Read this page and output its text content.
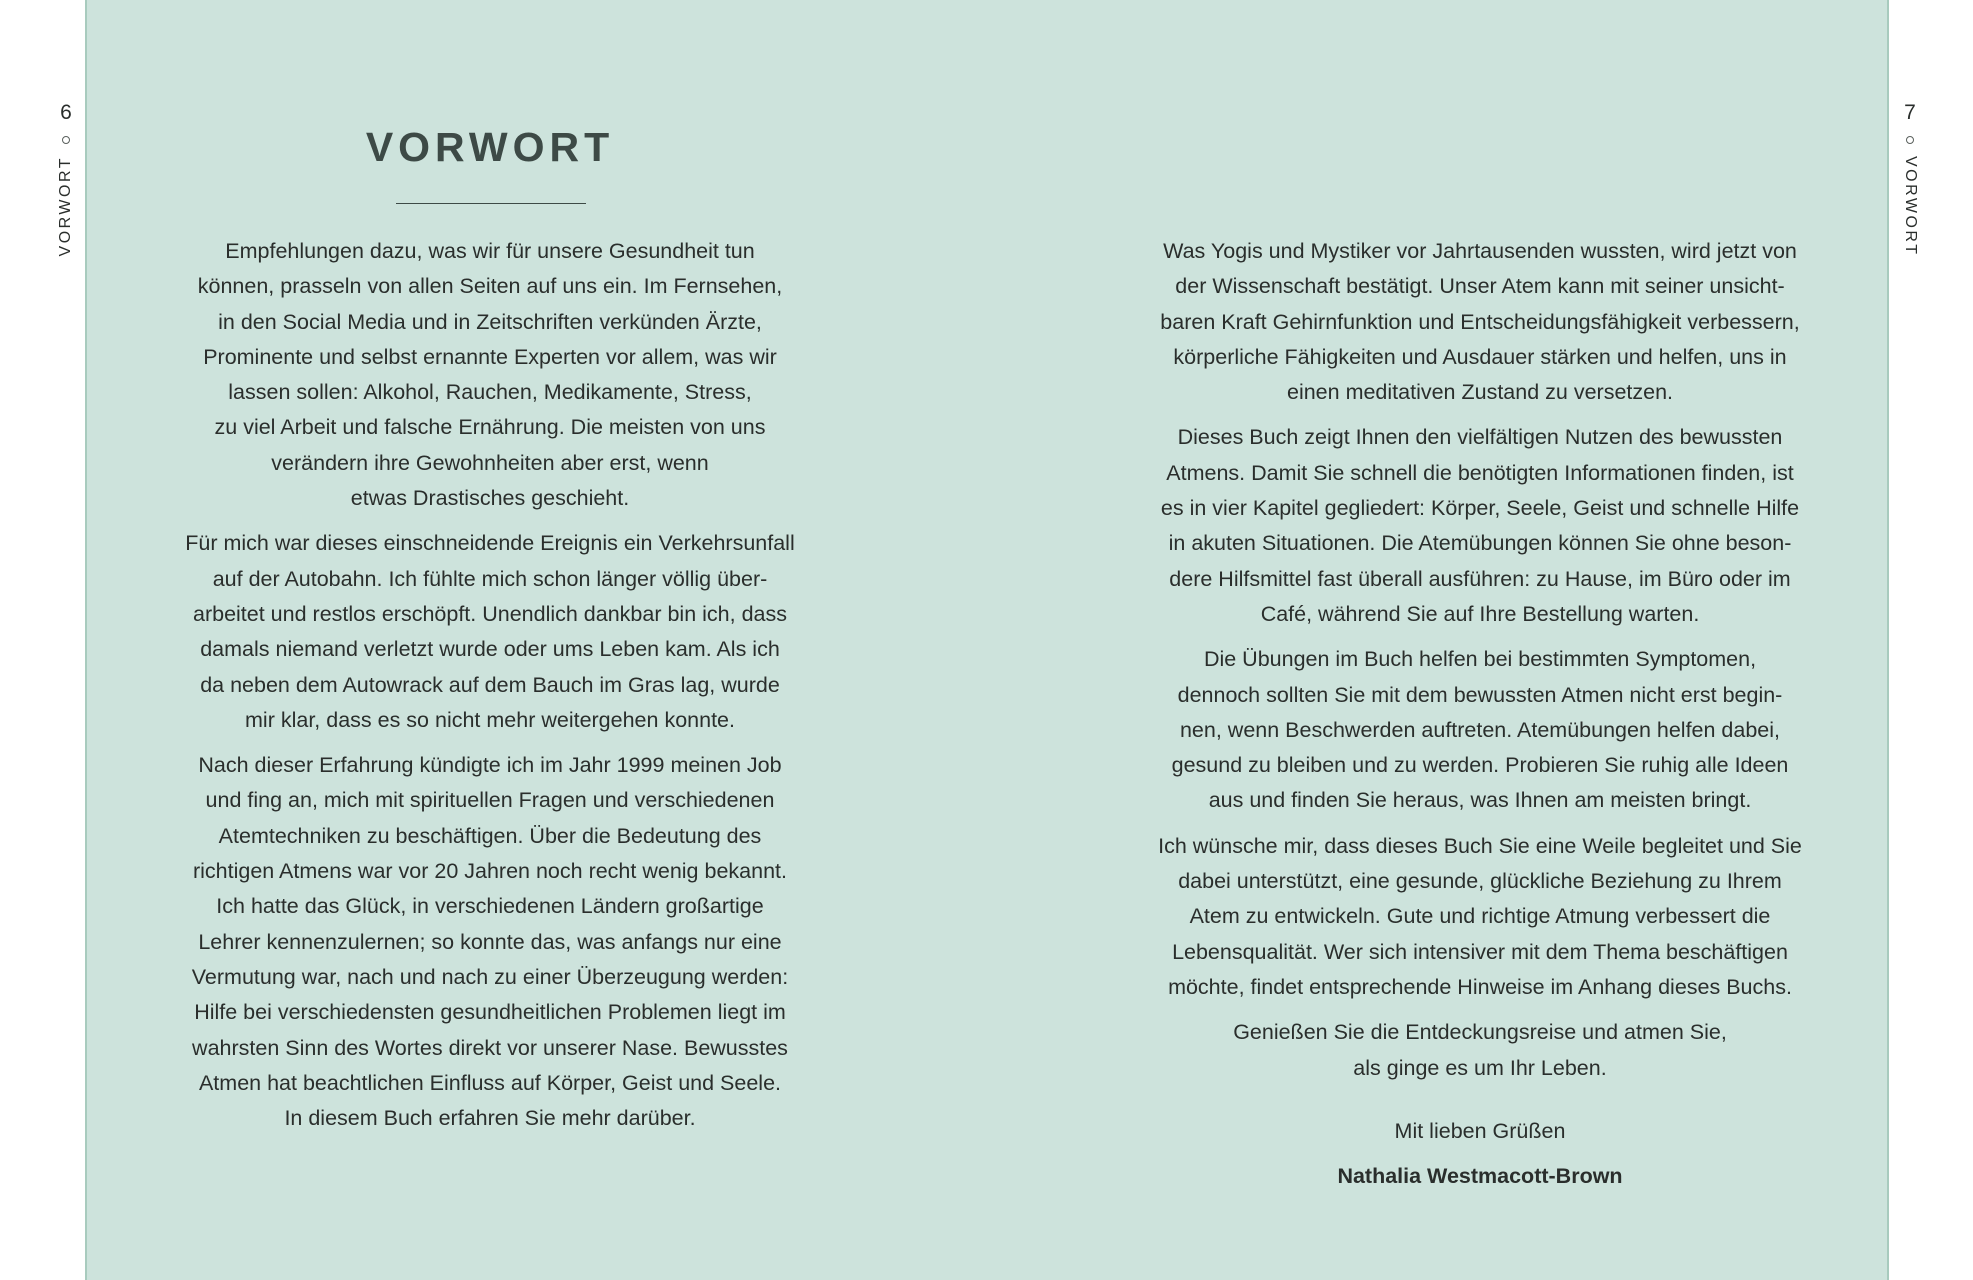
6
VORWORT
7
VORWORT
VORWORT

Empfehlungen dazu, was wir für unsere Gesundheit tun
können, prasseln von allen Seiten auf uns ein. Im Fernsehen,
in den Social Media und in Zeitschriften verkünden Ärzte,
Prominente und selbst ernannte Experten vor allem, was wir
lassen sollen: Alkohol, Rauchen, Medikamente, Stress,
zu viel Arbeit und falsche Ernährung. Die meisten von uns
verändern ihre Gewohnheiten aber erst, wenn
etwas Drastisches geschieht.

Für mich war dieses einschneidende Ereignis ein Verkehrsunfall
auf der Autobahn. Ich fühlte mich schon länger völlig über-
arbeitet und restlos erschöpft. Unendlich dankbar bin ich, dass
damals niemand verletzt wurde oder ums Leben kam. Als ich
da neben dem Autowrack auf dem Bauch im Gras lag, wurde
mir klar, dass es so nicht mehr weitergehen konnte.

Nach dieser Erfahrung kündigte ich im Jahr 1999 meinen Job
und fing an, mich mit spirituellen Fragen und verschiedenen
Atemtechniken zu beschäftigen. Über die Bedeutung des
richtigen Atmens war vor 20 Jahren noch recht wenig bekannt.
Ich hatte das Glück, in verschiedenen Ländern großartige
Lehrer kennenzulernen; so konnte das, was anfangs nur eine
Vermutung war, nach und nach zu einer Überzeugung werden:
Hilfe bei verschiedensten gesundheitlichen Problemen liegt im
wahrsten Sinn des Wortes direkt vor unserer Nase. Bewusstes
Atmen hat beachtlichen Einfluss auf Körper, Geist und Seele.
In diesem Buch erfahren Sie mehr darüber.

Was Yogis und Mystiker vor Jahrtausenden wussten, wird jetzt von
der Wissenschaft bestätigt. Unser Atem kann mit seiner unsicht-
baren Kraft Gehirnfunktion und Entscheidungsfähigkeit verbessern,
körperliche Fähigkeiten und Ausdauer stärken und helfen, uns in
einen meditativen Zustand zu versetzen.

Dieses Buch zeigt Ihnen den vielfältigen Nutzen des bewussten
Atmens. Damit Sie schnell die benötigten Informationen finden, ist
es in vier Kapitel gegliedert: Körper, Seele, Geist und schnelle Hilfe
in akuten Situationen. Die Atemübungen können Sie ohne beson-
dere Hilfsmittel fast überall ausführen: zu Hause, im Büro oder im
Café, während Sie auf Ihre Bestellung warten.

Die Übungen im Buch helfen bei bestimmten Symptomen,
dennoch sollten Sie mit dem bewussten Atmen nicht erst begin-
nen, wenn Beschwerden auftreten. Atemübungen helfen dabei,
gesund zu bleiben und zu werden. Probieren Sie ruhig alle Ideen
aus und finden Sie heraus, was Ihnen am meisten bringt.

Ich wünsche mir, dass dieses Buch Sie eine Weile begleitet und Sie
dabei unterstützt, eine gesunde, glückliche Beziehung zu Ihrem
Atem zu entwickeln. Gute und richtige Atmung verbessert die
Lebensqualität. Wer sich intensiver mit dem Thema beschäftigen
möchte, findet entsprechende Hinweise im Anhang dieses Buchs.

Genießen Sie die Entdeckungsreise und atmen Sie,
als ginge es um Ihr Leben.

Mit lieben Grüßen

Nathalia Westmacott-Brown
